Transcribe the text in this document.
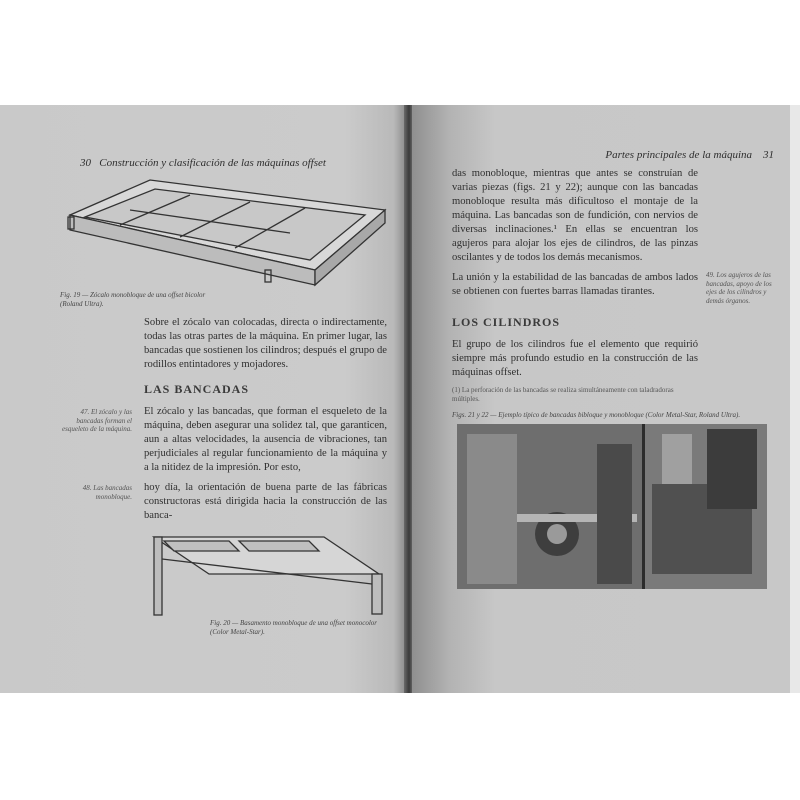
30 Construcción y clasificación de las máquinas offset
Fig. 19 — Zócalo monobloque de una offset bicolor (Roland Ultra).

Sobre el zócalo van colocadas, directa o indirectamente, todas las otras partes de la máquina. En primer lugar, las bancadas que sostienen los cilindros; después el grupo de rodillos entintadores y mojadores.

LAS BANCADAS
47. El zócalo y las bancadas forman el esqueleto de la máquina.

El zócalo y las bancadas, que forman el esqueleto de la máquina, deben asegurar una solidez tal, que garanticen, aun a altas velocidades, la ausencia de vibraciones, tan perjudiciales al regular funcionamiento de la máquina y a la nitidez de la impresión. Por esto,

48. Las bancadas monobloque.

hoy día, la orientación de buena parte de las fábricas constructoras está dirigida hacia la construcción de las banca-

Fig. 20 — Basamento monobloque de una offset monocolor (Color Metal-Star).
Partes principales de la máquina 31

das monobloque, mientras que antes se construían de varias piezas (figs. 21 y 22); aunque con las bancadas monobloque resulta más dificultoso el montaje de la máquina. Las bancadas son de fundición, con nervios de diversas inclinaciones.¹ En ellas se encuentran los agujeros para alojar los ejes de cilindros, de las pinzas oscilantes y de todos los demás mecanismos.

La unión y la estabilidad de las bancadas de ambos lados se obtienen con fuertes barras llamadas tirantes.

49. Los agujeros de las bancadas, apoyo de los ejes de los cilindros y demás órganos.
LOS CILINDROS

El grupo de los cilindros fue el elemento que requirió siempre más profundo estudio en la construcción de las máquinas offset.

(1) La perforación de las bancadas se realiza simultáneamente con taladradoras múltiples.
Figs. 21 y 22 — Ejemplo típico de bancadas bibloque y monobloque (Color Metal-Star, Roland Ultra).
